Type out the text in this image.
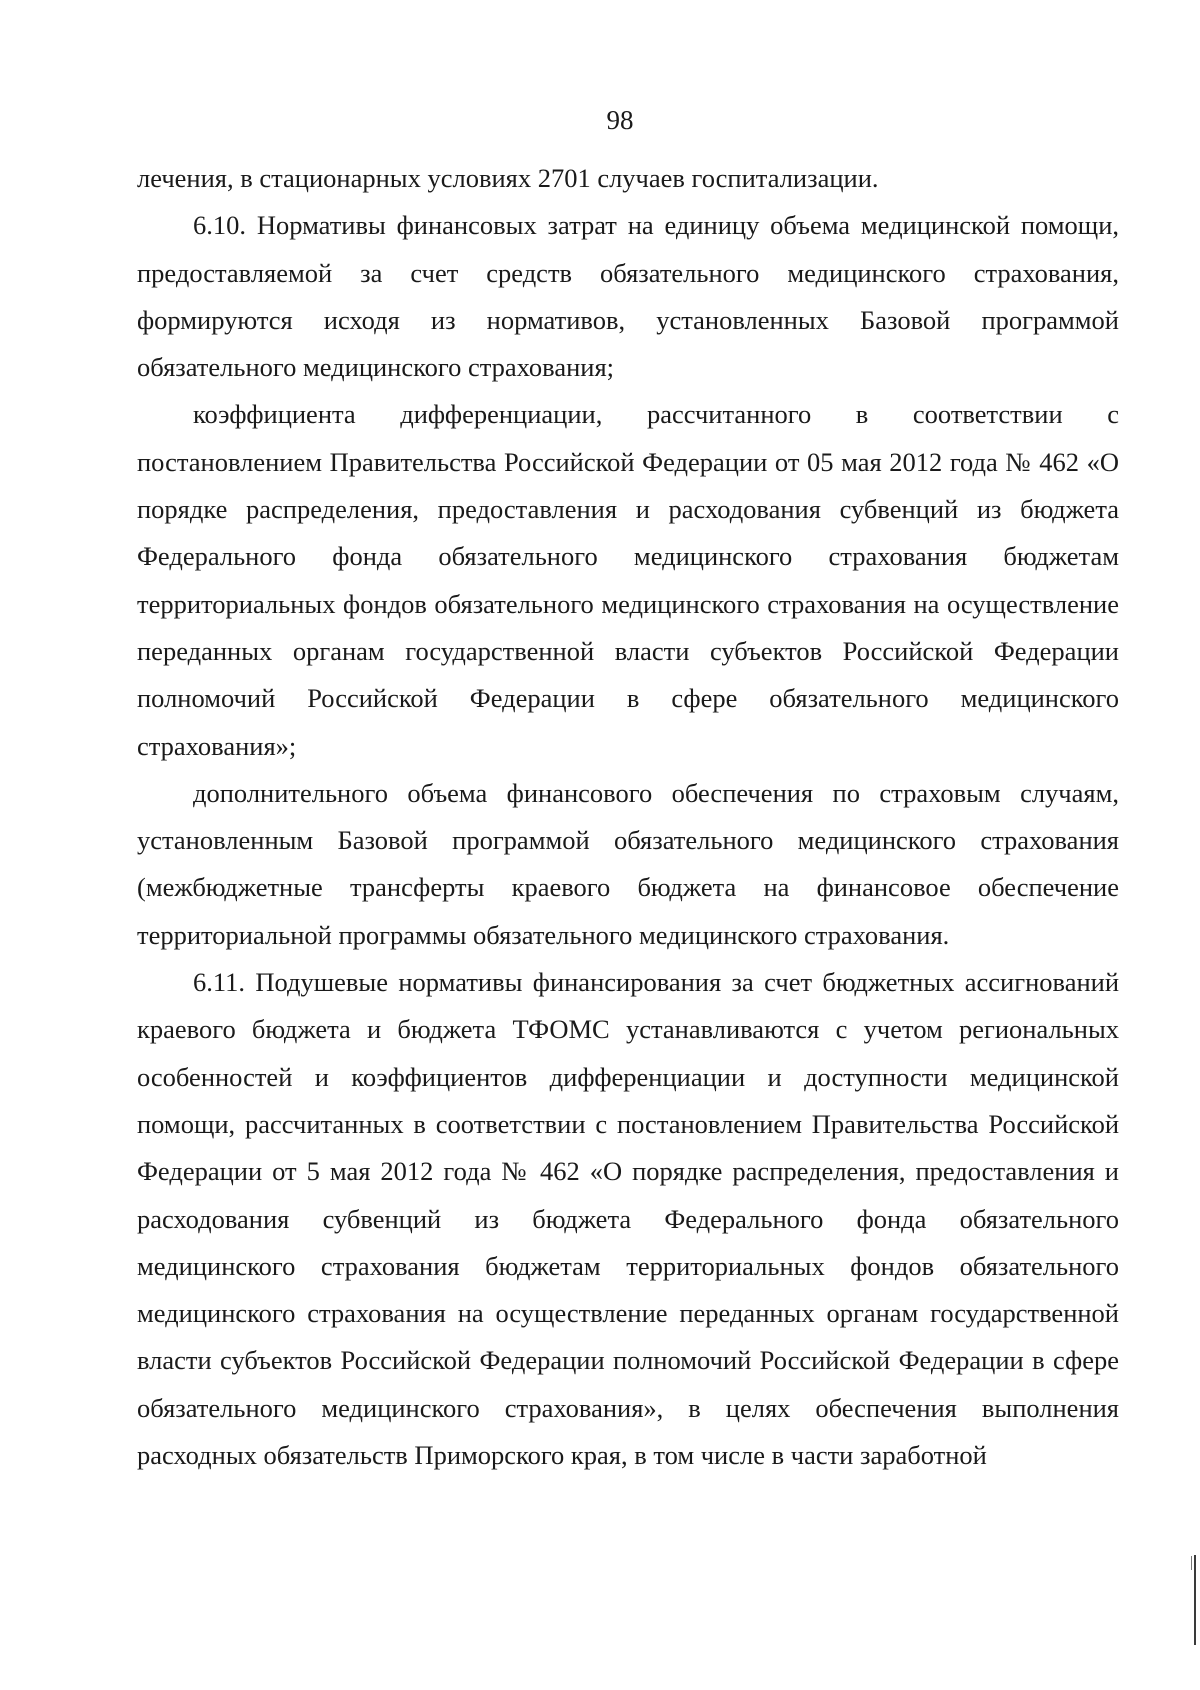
98

лечения, в стационарных условиях 2701 случаев госпитализации.

6.10. Нормативы финансовых затрат на единицу объема медицинской помощи, предоставляемой за счет средств обязательного медицинского страхования, формируются исходя из нормативов, установленных Базовой программой обязательного медицинского страхования;

коэффициента дифференциации, рассчитанного в соответствии с постановлением Правительства Российской Федерации от 05 мая 2012 года № 462 «О порядке распределения, предоставления и расходования субвенций из бюджета Федерального фонда обязательного медицинского страхования бюджетам территориальных фондов обязательного медицинского страхования на осуществление переданных органам государственной власти субъектов Российской Федерации полномочий Российской Федерации в сфере обязательного медицинского страхования»;

дополнительного объема финансового обеспечения по страховым случаям, установленным Базовой программой обязательного медицинского страхования (межбюджетные трансферты краевого бюджета на финансовое обеспечение территориальной программы обязательного медицинского страхования.

6.11. Подушевые нормативы финансирования за счет бюджетных ассигнований краевого бюджета и бюджета ТФОМС устанавливаются с учетом региональных особенностей и коэффициентов дифференциации и доступности медицинской помощи, рассчитанных в соответствии с постановлением Правительства Российской Федерации от 5 мая 2012 года № 462 «О порядке распределения, предоставления и расходования субвенций из бюджета Федерального фонда обязательного медицинского страхования бюджетам территориальных фондов обязательного медицинского страхования на осуществление переданных органам государственной власти субъектов Российской Федерации полномочий Российской Федерации в сфере обязательного медицинского страхования», в целях обеспечения выполнения расходных обязательств Приморского края, в том числе в части заработной
